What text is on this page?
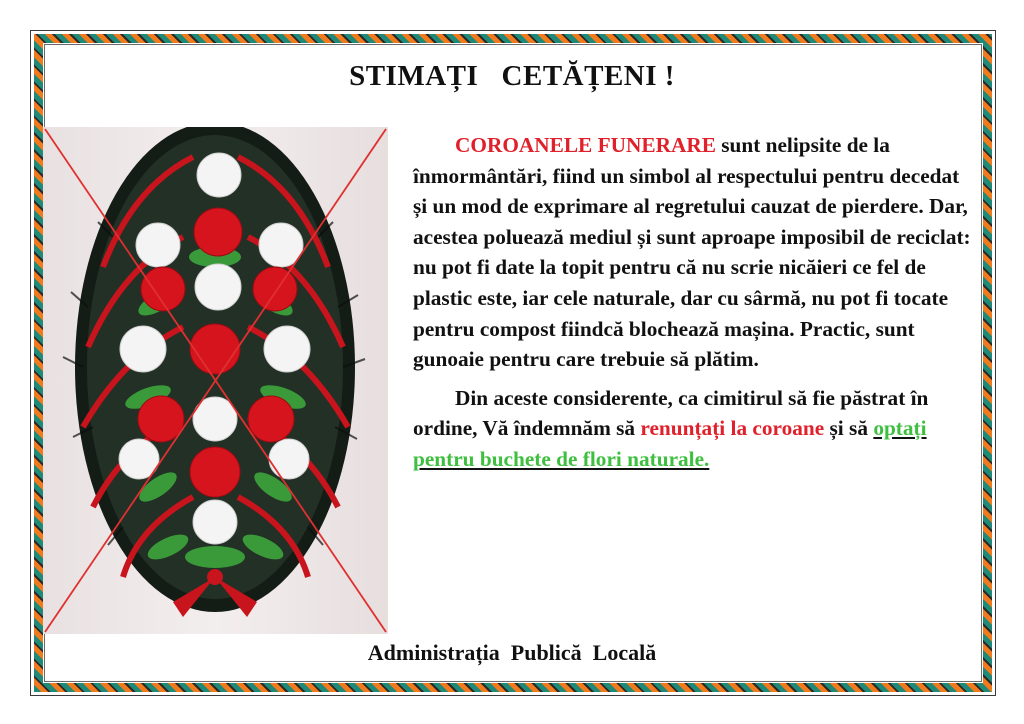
STIMAȚI   CETĂȚENI !

COROANELE FUNERARE sunt nelipsite de la înmormântări, fiind un simbol al respectului pentru decedat și un mod de exprimare al regretului cauzat de pierdere. Dar, acestea poluează mediul și sunt aproape imposibil de reciclat: nu pot fi date la topit pentru că nu scrie nicăieri ce fel de plastic este, iar cele naturale, dar cu sârmă, nu pot fi tocate pentru compost fiindcă blochează mașina. Practic, sunt gunoaie pentru care trebuie să plătim.

Din aceste considerente, ca cimitirul să fie păstrat în ordine, Vă îndemnăm să renunțați la coroane și să optați pentru buchete de flori naturale.

Administrația  Publică  Locală
